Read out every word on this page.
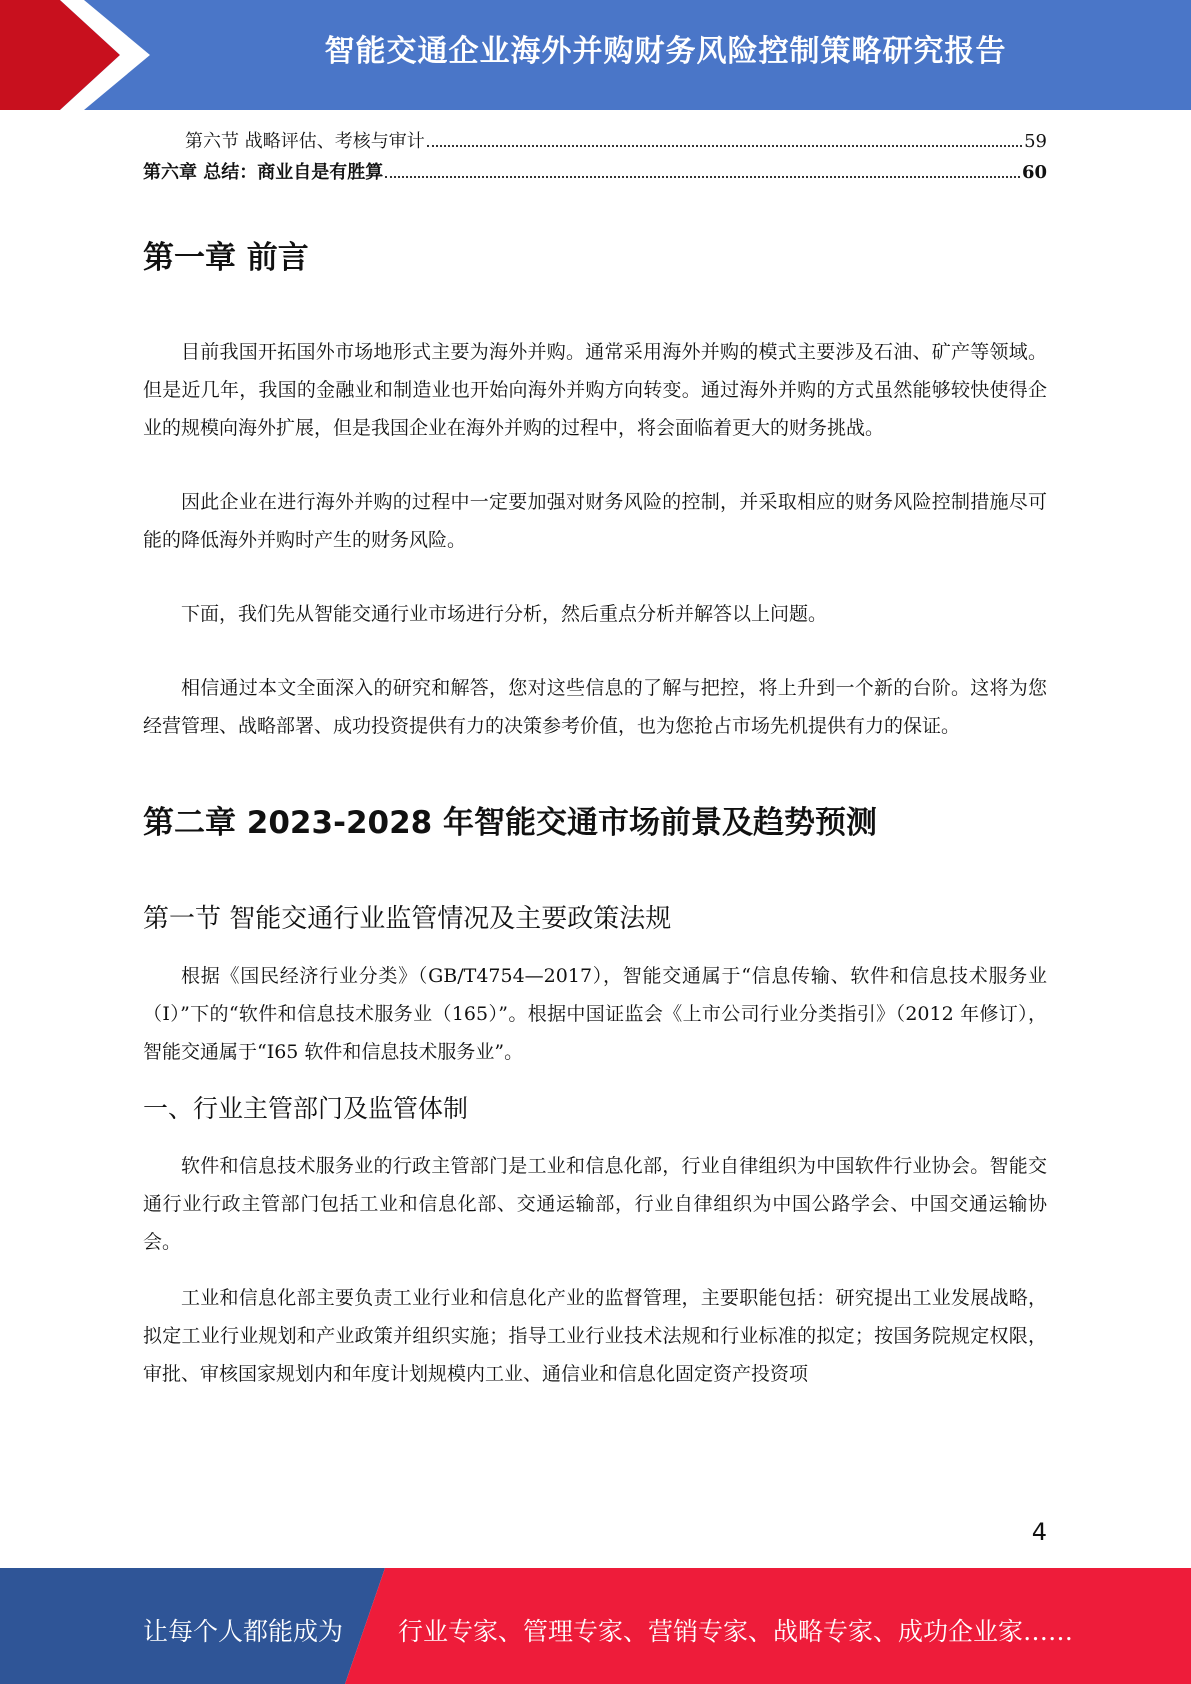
智能交通企业海外并购财务风险控制策略研究报告
第六节 战略评估、考核与审计	59
第六章 总结：商业自是有胜算	60
第一章 前言

目前我国开拓国外市场地形式主要为海外并购。通常采用海外并购的模式主要涉及石油、矿产等领域。但是近几年，我国的金融业和制造业也开始向海外并购方向转变。通过海外并购的方式虽然能够较快使得企业的规模向海外扩展，但是我国企业在海外并购的过程中，将会面临着更大的财务挑战。

因此企业在进行海外并购的过程中一定要加强对财务风险的控制，并采取相应的财务风险控制措施尽可能的降低海外并购时产生的财务风险。

下面，我们先从智能交通行业市场进行分析，然后重点分析并解答以上问题。

相信通过本文全面深入的研究和解答，您对这些信息的了解与把控，将上升到一个新的台阶。这将为您经营管理、战略部署、成功投资提供有力的决策参考价值，也为您抢占市场先机提供有力的保证。

第二章 2023-2028 年智能交通市场前景及趋势预测
第一节 智能交通行业监管情况及主要政策法规

根据《国民经济行业分类》（GB/T4754—2017），智能交通属于“信息传输、软件和信息技术服务业（I）”下的“软件和信息技术服务业（165）”。根据中国证监会《上市公司行业分类指引》（2012 年修订），智能交通属于“I65 软件和信息技术服务业”。

一、行业主管部门及监管体制

软件和信息技术服务业的行政主管部门是工业和信息化部，行业自律组织为中国软件行业协会。智能交通行业行政主管部门包括工业和信息化部、交通运输部，行业自律组织为中国公路学会、中国交通运输协会。

工业和信息化部主要负责工业行业和信息化产业的监督管理，主要职能包括：研究提出工业发展战略，拟定工业行业规划和产业政策并组织实施；指导工业行业技术法规和行业标准的拟定；按国务院规定权限，审批、审核国家规划内和年度计划规模内工业、通信业和信息化固定资产投资项

4
让每个人都能成为 行业专家、管理专家、营销专家、战略专家、成功企业家……
